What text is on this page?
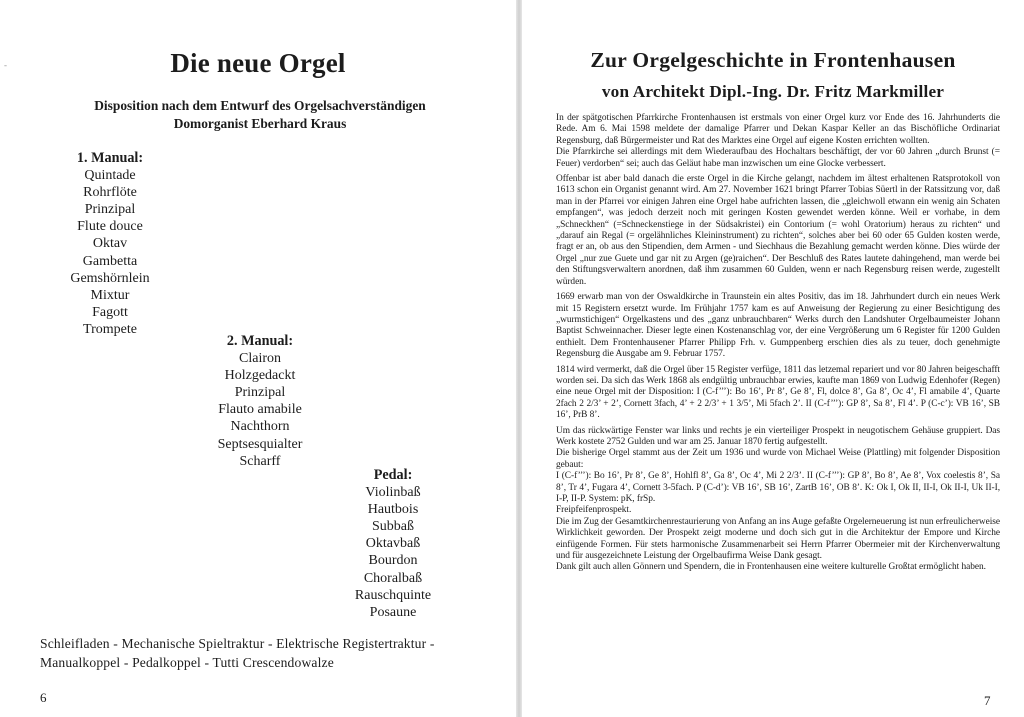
‐	Die neue Orgel
Disposition nach dem Entwurf des Orgelsachverständigen
Domorganist Eberhard Kraus
1. Manual:
Quintade
Rohrflöte
Prinzipal
Flute douce
Oktav
Gambetta
Gemshörnlein
Mixtur
Fagott
Trompete
2. Manual:
Clairon
Holzgedackt
Prinzipal
Flauto amabile
Nachthorn
Septsesquialter
Scharff
Pedal:
Violinbaß
Hautbois
Subbaß
Oktavbaß
Bourdon
Choralbaß
Rauschquinte
Posaune
Schleifladen - Mechanische Spieltraktur - Elektrische Registertraktur -
Manualkoppel - Pedalkoppel - Tutti Crescendowalze
6
Zur Orgelgeschichte in Frontenhausen
von Architekt Dipl.-Ing. Dr. Fritz Markmiller

In der spätgotischen Pfarrkirche Frontenhausen ist erstmals von einer Orgel kurz vor Ende des 16. Jahrhunderts die Rede. Am 6. Mai 1598 meldete der damalige Pfarrer und Dekan Kaspar Keller an das Bischöfliche Ordinariat Regensburg, daß Bürgermeister und Rat des Marktes eine Orgel auf eigene Kosten errichten wollten.

Die Pfarrkirche sei allerdings mit dem Wiederaufbau des Hochaltars beschäftigt, der vor 60 Jahren „durch Brunst (= Feuer) verdorben“ sei; auch das Geläut habe man inzwischen um eine Glocke verbessert.

Offenbar ist aber bald danach die erste Orgel in die Kirche gelangt, nachdem im ältest erhaltenen Ratsprotokoll von 1613 schon ein Organist genannt wird. Am 27. November 1621 bringt Pfarrer Tobias Süertl in der Ratssitzung vor, daß man in der Pfarrei vor einigen Jahren eine Orgel habe aufrichten lassen, die „gleichwoll etwann ein wenig ain Schaten empfangen“, was jedoch derzeit noch mit geringen Kosten gewendet werden könne. Weil er vorhabe, in dem „Schneckhen“ (=Schneckenstiege in der Südsakristei) ein Contorium (= wohl Oratorium) heraus zu richten“ und „darauf ain Regal (= orgelähnliches Kleininstrument) zu richten“, solches aber bei 60 oder 65 Gulden kosten werde, fragt er an, ob aus den Stipendien, dem Armen - und Siechhaus die Bezahlung gemacht werden könne. Dies würde der Orgel „nur zue Guete und gar nit zu Argen (ge)raichen“. Der Beschluß des Rates lautete dahingehend, man werde bei den Stiftungsverwaltern anordnen, daß ihm zusammen 60 Gulden, wenn er nach Regensburg reisen werde, zugestellt würden.

1669 erwarb man von der Oswaldkirche in Traunstein ein altes Positiv, das im 18. Jahrhundert durch ein neues Werk mit 15 Registern ersetzt wurde. Im Frühjahr 1757 kam es auf Anweisung der Regierung zu einer Besichtigung des „wurmstichigen“ Orgelkastens und des „ganz unbrauchbaren“ Werks durch den Landshuter Orgelbaumeister Johann Baptist Schweinnacher. Dieser legte einen Kostenanschlag vor, der eine Vergrößerung um 6 Register für 1200 Gulden enthielt. Dem Frontenhausener Pfarrer Philipp Frh. v. Gumppenberg erschien dies als zu teuer, doch genehmigte Regensburg die Ausgabe am 9. Februar 1757.

1814 wird vermerkt, daß die Orgel über 15 Register verfüge, 1811 das letzemal repariert und vor 80 Jahren beigeschafft worden sei. Da sich das Werk 1868 als endgültig unbrauchbar erwies, kaufte man 1869 von Ludwig Edenhofer (Regen) eine neue Orgel mit der Disposition: I (C-f’’’): Bo 16’, Pr 8’, Ge 8’, Fl, dolce 8’, Ga 8’, Oc 4’, Fl amabile 4’, Quarte 2fach 2 2/3’ + 2’, Cornett 3fach, 4’ + 2 2/3’ + 1 3/5’, Mi 5fach 2’. II (C-f’’’): GP 8’, Sa 8’, Fl 4’. P (C-c’): VB 16’, SB 16’, PrB 8’.

Um das rückwärtige Fenster war links und rechts je ein vierteiliger Prospekt in neugotischem Gehäuse gruppiert. Das Werk kostete 2752 Gulden und war am 25. Januar 1870 fertig aufgestellt.

Die bisherige Orgel stammt aus der Zeit um 1936 und wurde von Michael Weise (Plattling) mit folgender Disposition gebaut:

I (C-f’’’): Bo 16’, Pr 8’, Ge 8’, Hohlfl 8’, Ga 8’, Oc 4’, Mi 2 2/3’. II (C-f’’’): GP 8’, Bo 8’, Ae 8’, Vox coelestis 8’, Sa 8’, Tr 4’, Fugara 4’, Cornett 3-5fach. P (C-d’): VB 16’, SB 16’, ZartB 16’, OB 8’. K: Ok I, Ok II, II-I, Ok II-I, Uk II-I, I-P, II-P. System: pK, frSp.

Freipfeifenprospekt.

Die im Zug der Gesamtkirchenrestaurierung von Anfang an ins Auge gefaßte Orgelerneuerung ist nun erfreulicherweise Wirklichkeit geworden. Der Prospekt zeigt moderne und doch sich gut in die Architektur der Empore und Kirche einfügende Formen. Für stets harmonische Zusammenarbeit sei Herrn Pfarrer Obermeier mit der Kirchenverwaltung und für ausgezeichnete Leistung der Orgelbaufirma Weise Dank gesagt.

Dank gilt auch allen Gönnern und Spendern, die in Frontenhausen eine weitere kulturelle Großtat ermöglicht haben.

7
